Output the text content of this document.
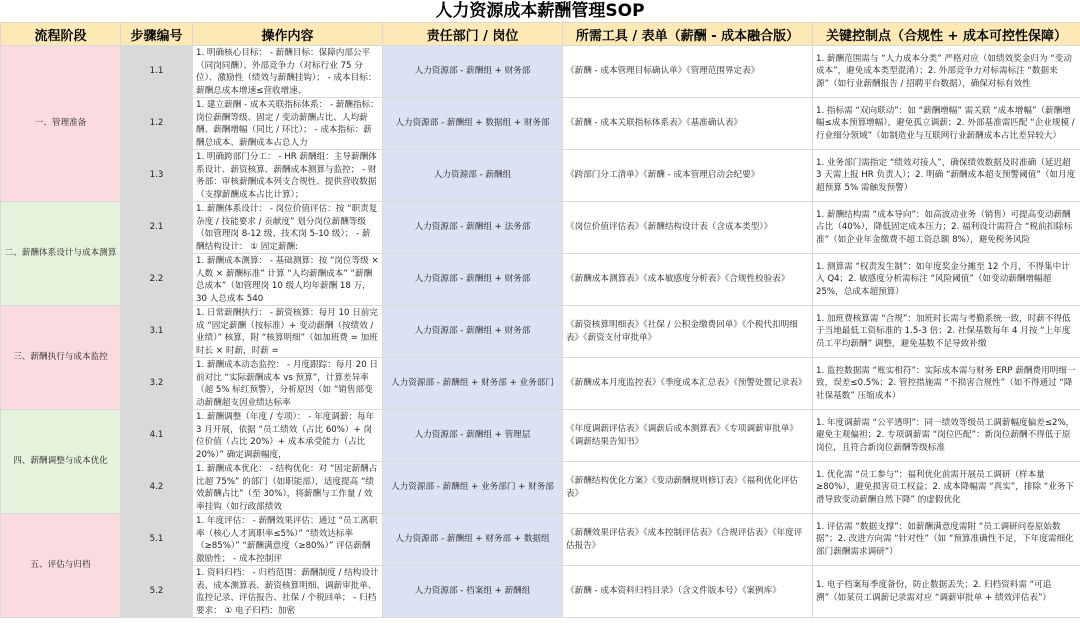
人力资源成本薪酬管理SOP
流程阶段	步骤编号	操作内容	责任部门 / 岗位	所需工具 / 表单（薪酬 - 成本融合版）	关键控制点（合规性 + 成本可控性保障）
一、管理准备	1.1	1. 明确核心目标： - 薪酬目标：保障内部公平（同岗同酬）、外部竞争力（对标行业 75 分位）、激励性（绩效与薪酬挂钩）； - 成本目标：薪酬总成本增速≤营收增速、	人力资源部 - 薪酬组 + 财务部	《薪酬 - 成本管理目标确认单》《管理范围界定表》	1. 薪酬范围需与 “人力成本分类” 严格对应（如绩效奖金归为 “变动成本”，避免成本类型混淆）；2. 外部竞争力对标需标注 “数据来源”（如行业薪酬报告 / 招聘平台数据），确保对标有效性

	1.2	1. 建立薪酬 - 成本关联指标体系： - 薪酬指标：岗位薪酬等级、固定 / 变动薪酬占比、人均薪酬、薪酬增幅（同比 / 环比）； - 成本指标：薪酬总成本、薪酬成本占总人力	人力资源部 - 薪酬组 + 数据组 + 财务部	《薪酬 - 成本关联指标体系表》《基准确认表》	1. 指标需 “双向联动”：如 “薪酬增幅” 需关联 “成本增幅”（薪酬增幅≤成本预算增幅），避免孤立调薪；2. 外部基准需匹配 “企业规模 / 行业细分领域”（如制造业与互联网行业薪酬成本占比差异较大）

	1.3	1. 明确跨部门分工： - HR 薪酬组：主导薪酬体系设计、薪资核算、薪酬成本测算与监控； - 财务部：审核薪酬成本列支合规性、提供营收数据（支撑薪酬成本占比计算）；	人力资源部 - 薪酬组	《跨部门分工清单》《薪酬 - 成本管理启动会纪要》	1. 业务部门需指定 “绩效对接人”，确保绩效数据及时准确（延迟超 3 天需上报 HR 负责人）；2. 明确 “薪酬成本超支预警阈值”（如月度超预算 5% 需触发预警）

二、薪酬体系设计与成本测算	2.1	1. 薪酬体系设计： - 岗位价值评估：按 “职责复杂度 / 技能要求 / 贡献度” 划分岗位薪酬等级（如管理岗 8-12 级、技术岗 5-10 级）； - 薪酬结构设计： ① 固定薪酬:	人力资源部 - 薪酬组 + 法务部	《岗位价值评估表》《薪酬结构设计表（含成本类型）》	1. 薪酬结构需 “成本导向”：如高波动业务（销售）可提高变动薪酬占比（40%），降低固定成本压力；2. 福利设计需符合 “税前扣除标准”（如企业年金缴费不超工资总额 8%），避免税务风险

	2.2	1. 薪酬成本测算： - 基础测算：按 “岗位等级 × 人数 × 薪酬标准” 计算 “人均薪酬成本” “薪酬总成本”（如管理岗 10 级人均年薪酬 18 万，30 人总成本 540	人力资源部 - 薪酬组 + 财务部	《薪酬成本测算表》《成本敏感度分析表》《合规性校验表》	1. 测算需 “权责发生制”：如年度奖金分摊至 12 个月，不得集中计入 Q4；2. 敏感度分析需标注 “风险阈值”（如变动薪酬增幅超 25%，总成本超预算）

三、薪酬执行与成本监控	3.1	1. 日常薪酬执行： - 薪资核算：每月 10 日前完成 “固定薪酬（按标准）+ 变动薪酬（按绩效 / 业绩）” 核算，附 “核算明细”（如加班费 = 加班时长 × 时薪，时薪 =	人力资源部 - 薪酬组 + 财务部	《薪资核算明细表》《社保 / 公积金缴费回单》《个税代扣明细表》《薪资支付审批单》	1. 加班费核算需 “合规”：加班时长需与考勤系统一致，时薪不得低于当地最低工资标准的 1.5-3 倍；2. 社保基数每年 4 月按 “上年度员工平均薪酬” 调整，避免基数不足导致补缴

	3.2	1. 薪酬成本动态监控： - 月度跟踪：每月 20 日前对比 “实际薪酬成本 vs 预算”，计算差异率（超 5% 标红预警），分析原因（如 “销售部变动薪酬超支因业绩达标率	人力资源部 - 薪酬组 + 财务部 + 业务部门	《薪酬成本月度监控表》《季度成本汇总表》《预警处置记录表》	1. 监控数据需 “账实相符”：实际成本需与财务 ERP 薪酬费用明细一致，误差≤0.5%；2. 管控措施需 “不损害合规性”（如不得通过 “降社保基数” 压缩成本）

四、薪酬调整与成本优化	4.1	1. 薪酬调整（年度 / 专项）： - 年度调薪：每年 3 月开展，依据 “员工绩效（占比 60%）+ 岗位价值（占比 20%）+ 成本承受能力（占比 20%）” 确定调薪幅度，	人力资源部 - 薪酬组 + 管理层	《年度调薪评估表》《调薪后成本测算表》《专项调薪审批单》《调薪结果告知书》	1. 年度调薪需 “公平透明”：同一绩效等级员工调薪幅度偏差≤2%，避免主观偏袒；2. 专项调薪需 “岗位匹配”：新岗位薪酬不得低于原岗位，且符合新岗位薪酬等级标准

	4.2	1. 薪酬成本优化： - 结构优化：对 “固定薪酬占比超 75%” 的部门（如职能部），适度提高 “绩效薪酬占比”（至 30%），将薪酬与工作量 / 效率挂钩（如行政部绩效	人力资源部 - 薪酬组 + 业务部门 + 财务部	《薪酬结构优化方案》《变动薪酬规则修订表》《福利优化评估表》	1. 优化需 “员工参与”：福利优化前需开展员工调研（样本量≥80%），避免损害员工权益；2. 成本降幅需 “真实”，排除 “业务下滑导致变动薪酬自然下降” 的虚假优化

五、评估与归档	5.1	1. 年度评估： - 薪酬效果评估：通过 “员工离职率（核心人才离职率≤5%）” “绩效达标率（≥85%）” “薪酬满意度（≥80%）” 评估薪酬激励性； - 成本控制评	人力资源部 - 薪酬组 + 财务部 + 数据组	《薪酬效果评估表》《成本控制评估表》《合规评估表》《年度评估报告》	1. 评估需 “数据支撑”：如薪酬满意度需附 “员工调研问卷原始数据”；2. 改进方向需 “针对性”（如 “预算准确性不足，下年度需细化部门薪酬需求调研”）

	5.2	1. 资料归档： - 归档范围：薪酬制度 / 结构设计表、成本测算表、薪资核算明细、调薪审批单、监控记录、评估报告、社保 / 个税回单； - 归档要求： ① 电子归档：加密	人力资源部 - 档案组 + 薪酬组	《薪酬 - 成本资料归档目录》（含文件版本号）《案例库》	1. 电子档案每季度备份，防止数据丢失；2. 归档资料需 “可追溯”（如某员工调薪记录需对应 “调薪审批单 + 绩效评估表”）
